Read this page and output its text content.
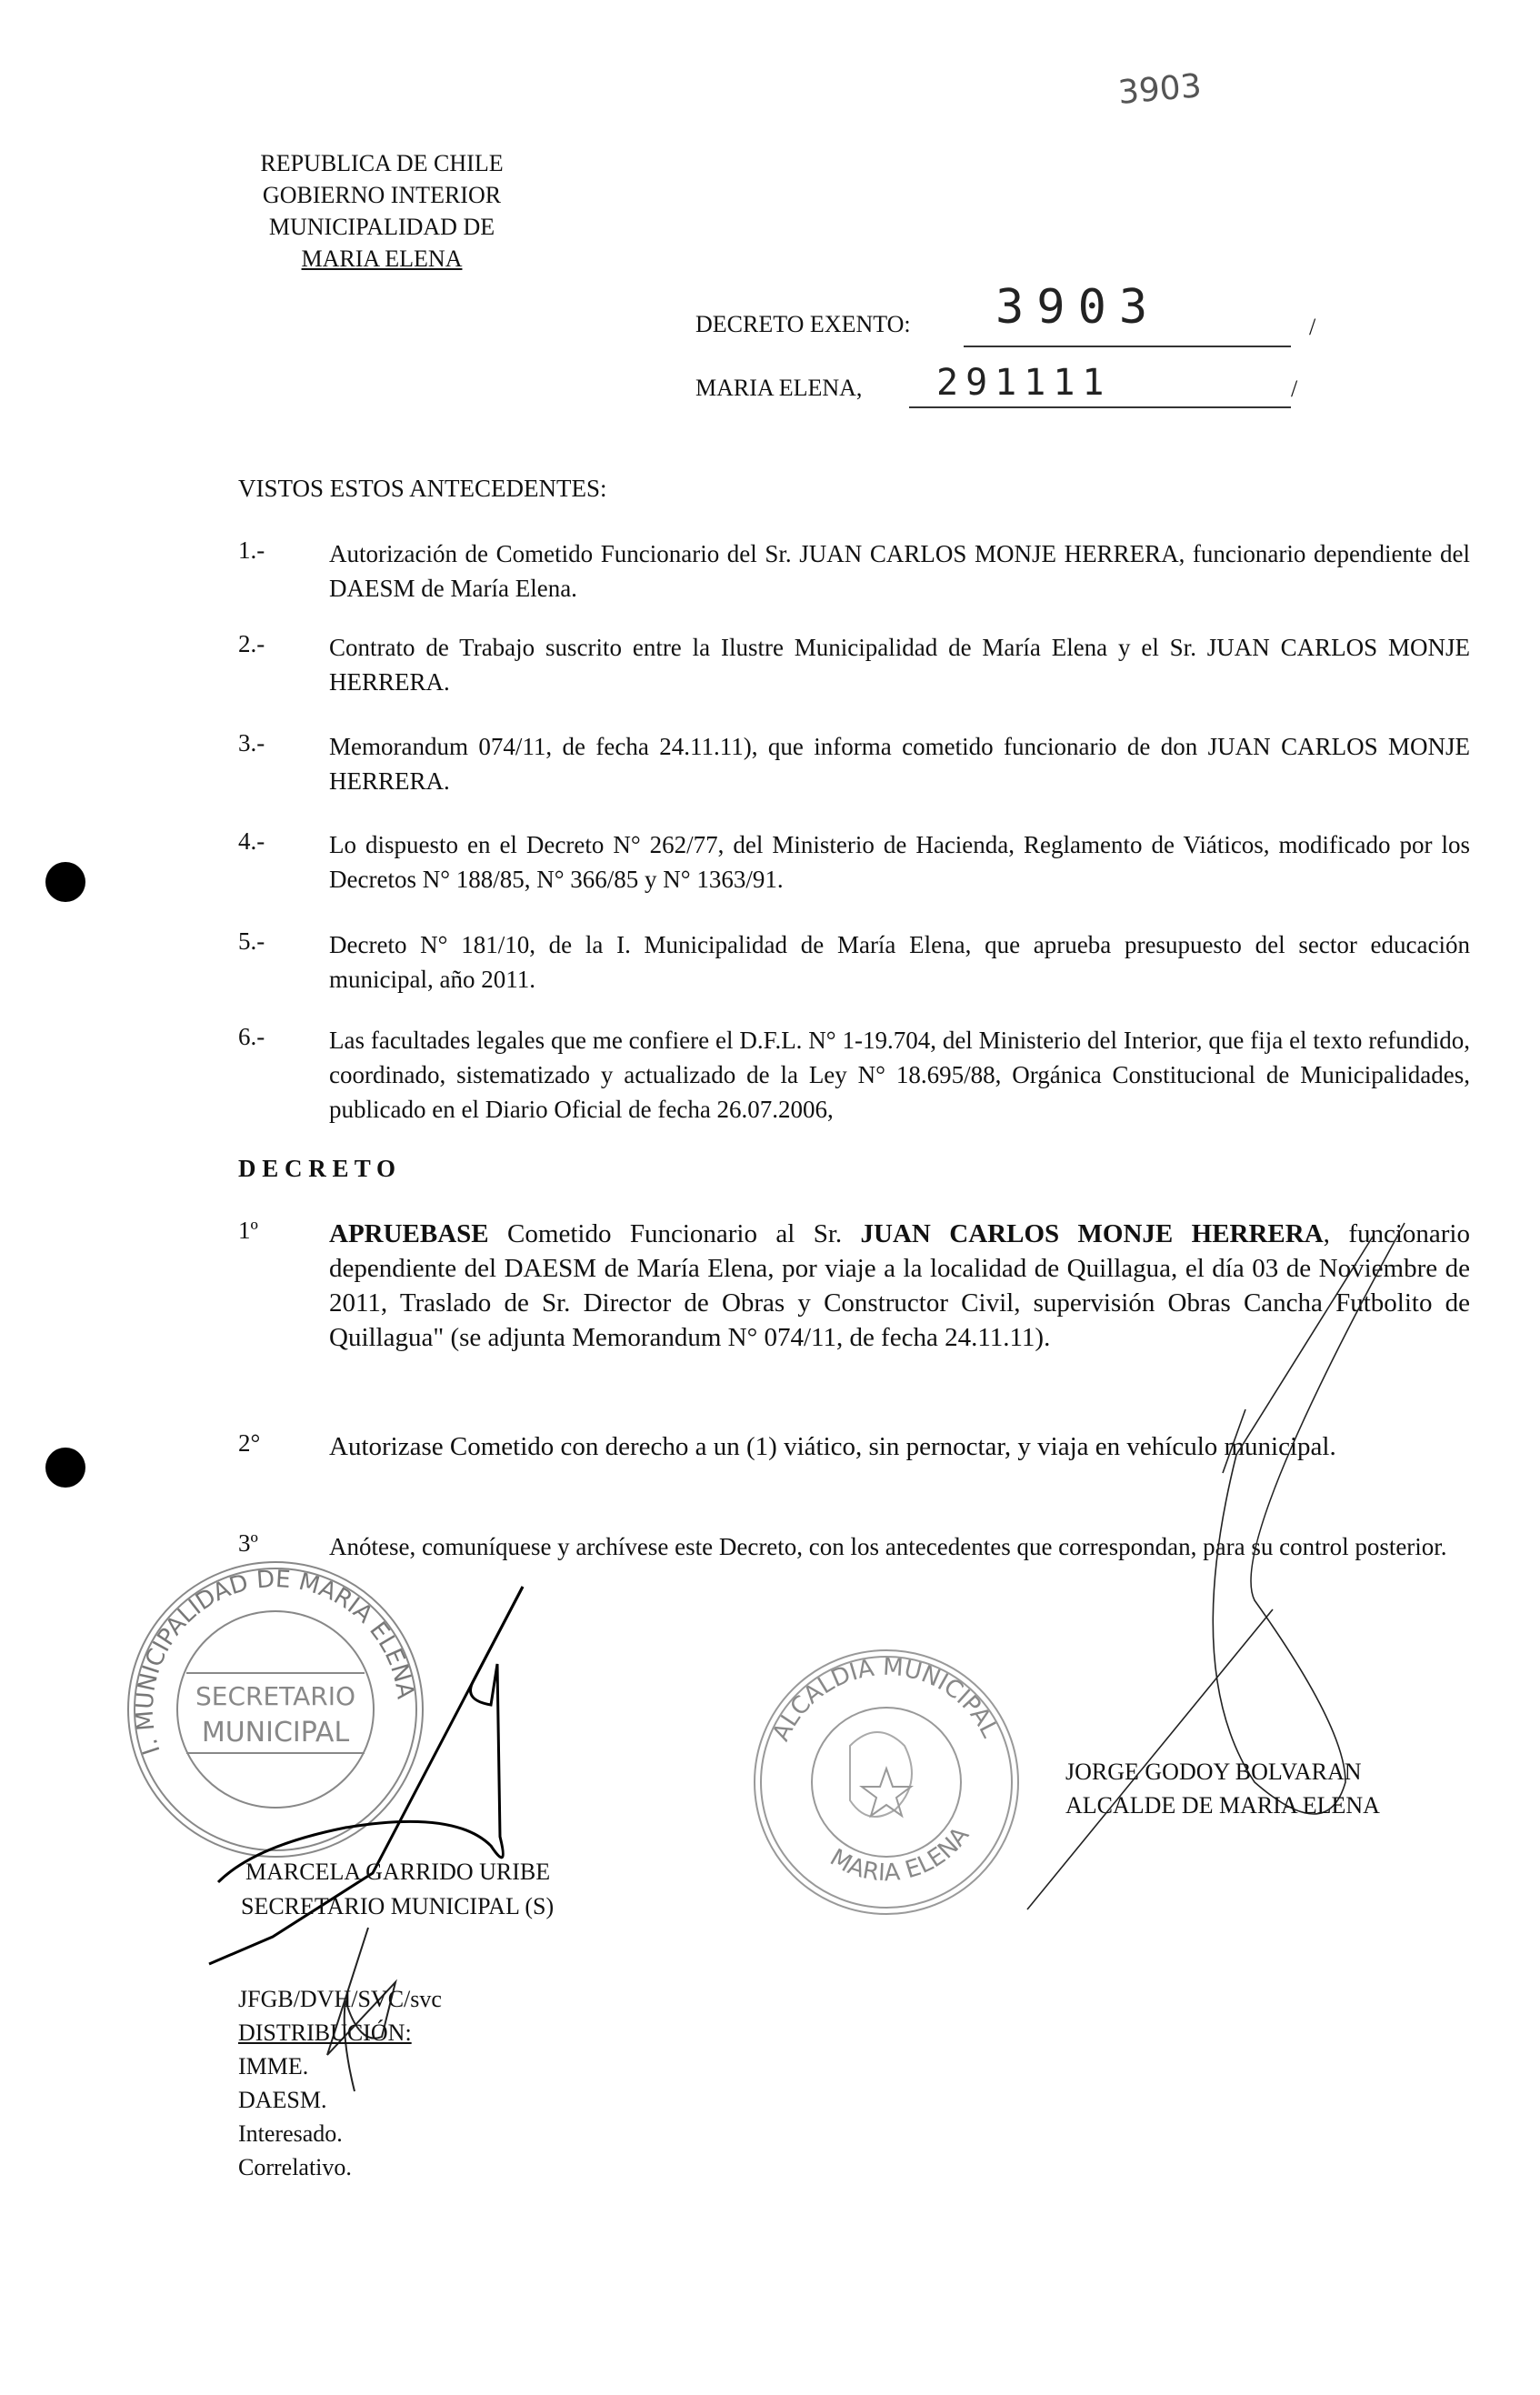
3903
REPUBLICA DE CHILE
GOBIERNO INTERIOR
MUNICIPALIDAD DE
MARIA ELENA
DECRETO EXENTO: 3903	/
MARIA ELENA, 291111	/
VISTOS ESTOS ANTECEDENTES:
1.-	Autorización de Cometido Funcionario del Sr. JUAN CARLOS MONJE HERRERA, funcionario dependiente del DAESM de María Elena.
2.-	Contrato de Trabajo suscrito entre la Ilustre Municipalidad de María Elena y el Sr. JUAN CARLOS MONJE HERRERA.
3.-	Memorandum 074/11, de fecha 24.11.11), que informa cometido funcionario de don JUAN CARLOS MONJE HERRERA.
4.-	Lo dispuesto en el Decreto N° 262/77, del Ministerio de Hacienda, Reglamento de Viáticos, modificado por los Decretos N° 188/85, N° 366/85 y N° 1363/91.
5.-	Decreto N° 181/10, de la I. Municipalidad de María Elena, que aprueba presupuesto del sector educación municipal, año 2011.
6.-	Las facultades legales que me confiere el D.F.L. N° 1-19.704, del Ministerio del Interior, que fija el texto refundido, coordinado, sistematizado y actualizado de la Ley N° 18.695/88, Orgánica Constitucional de Municipalidades, publicado en el Diario Oficial de fecha 26.07.2006,
D E C R E T O
1º	APRUEBASE Cometido Funcionario al Sr. JUAN CARLOS MONJE HERRERA, funcionario dependiente del DAESM de María Elena, por viaje a la localidad de Quillagua, el día 03 de Noviembre de 2011, Traslado de Sr. Director de Obras y Constructor Civil, supervisión Obras Cancha Futbolito de Quillagua" (se adjunta Memorandum N° 074/11, de fecha 24.11.11).
2°	Autorizase Cometido con derecho a un (1) viático, sin pernoctar, y viaja en vehículo municipal.
3º	Anótese, comuníquese y archívese este Decreto, con los antecedentes que correspondan, para su control posterior.
I. MUNICIPALIDAD DE MARIA ELENA
SECRETARIO
MUNICIPAL	ALCALDIA MUNICIPAL
MARIA ELENA
MARCELA GARRIDO URIBE
SECRETARIO MUNICIPAL (S)
JORGE GODOY BOLVARAN
ALCALDE DE MARIA ELENA
JFGB/DVH/SVC/svc
DISTRIBUCIÓN:
IMME.
DAESM.
Interesado.
Correlativo.
